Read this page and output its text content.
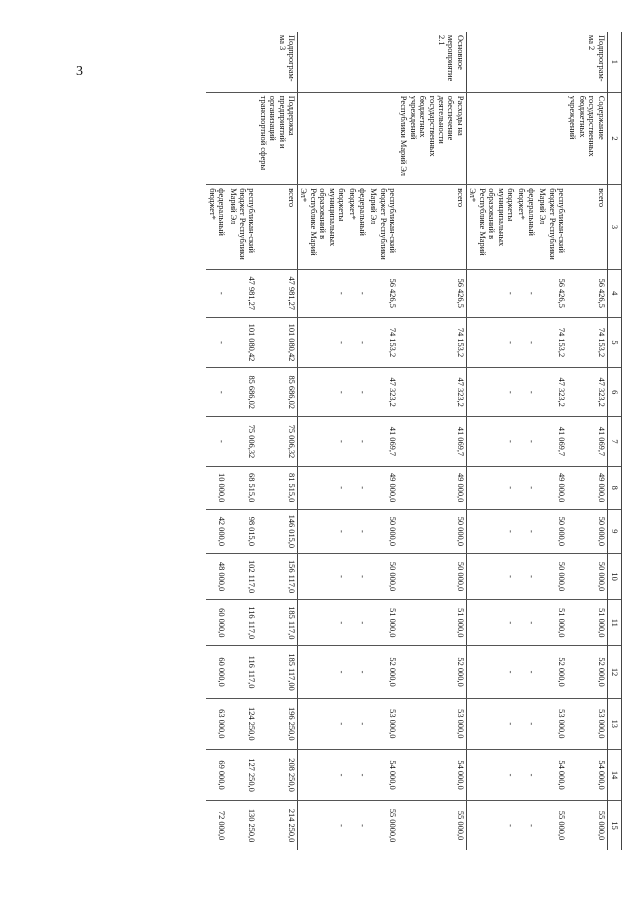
3
1	2	3	4	5	6	7	8	9	10	11	12	13	14	15
Подпрограм-ма 2	Содержание государственных бюджетных учреждений	всего	56 426,5	74 153,2	47 323,2	41 069,7	49 000,0	50 000,0	50 000,0	51 000,0	52 000,0	53 000,0	54 000,0	55 000,0
		республикан-ский бюджет Республики Марий Эл	56 426,5	74 153,2	47 323,2	41 069,7	49 000,0	50 000,0	50 000,0	51 000,0	52 000,0	53 000,0	54 000,0	55 000,0
		федеральный бюджет*	-	-	-	-	-	-	-	-	-	-	-	-
		бюджеты муниципальных образований в Республике Марий Эл*	-	-	-	-	-	-	-	-	-	-	-	-
Основное мероприятие 2.1	Расходы на обеспечение деятельности государственных бюджетных учреждений Республики Марий Эл	всего	56 426,5	74 153,2	47 323,2	41 069,7	49 000,0	50 000,0	50 000,0	51 000,0	52 000,0	53 000,0	54 000,0	55 000,0
		республикан-ский бюджет Республики Марий Эл	56 426,5	74 153,2	47 323,2	41 069,7	49 000,0	50 000,0	50 000,0	51 000,0	52 000,0	53 000,0	54 000,0	55 0000,0
		федеральный бюджет*	-	-	-	-	-	-	-	-	-	-	-	-
		бюджеты муниципальных образований в Республике Марий Эл*	-	-	-	-	-	-	-	-	-	-	-	-
Подпрограм-ма 3	Поддержка предприятий и организаций транспортной сферы	всего	47 981,27	101 080,42	85 686,02	75 006,32	81 515,0	146 015,0	156 117,0	185 117,0	185 117,00	196 250,0	208 250,0	214 250,0
		республикан-ский бюджет Республики Марий Эл	47 981,27	101 080,42	85 686,02	75 006,32	68 515,0	98 015,0	102 117,0	116 117,0	116 117,0	124 250,0	127 250,0	130 250,0
		федеральный бюджет*	-	-	-	-	10 000,0	42 000,0	48 000,0	60 000,0	60 000,0	63 000,0	69 000,0	72 000,0
